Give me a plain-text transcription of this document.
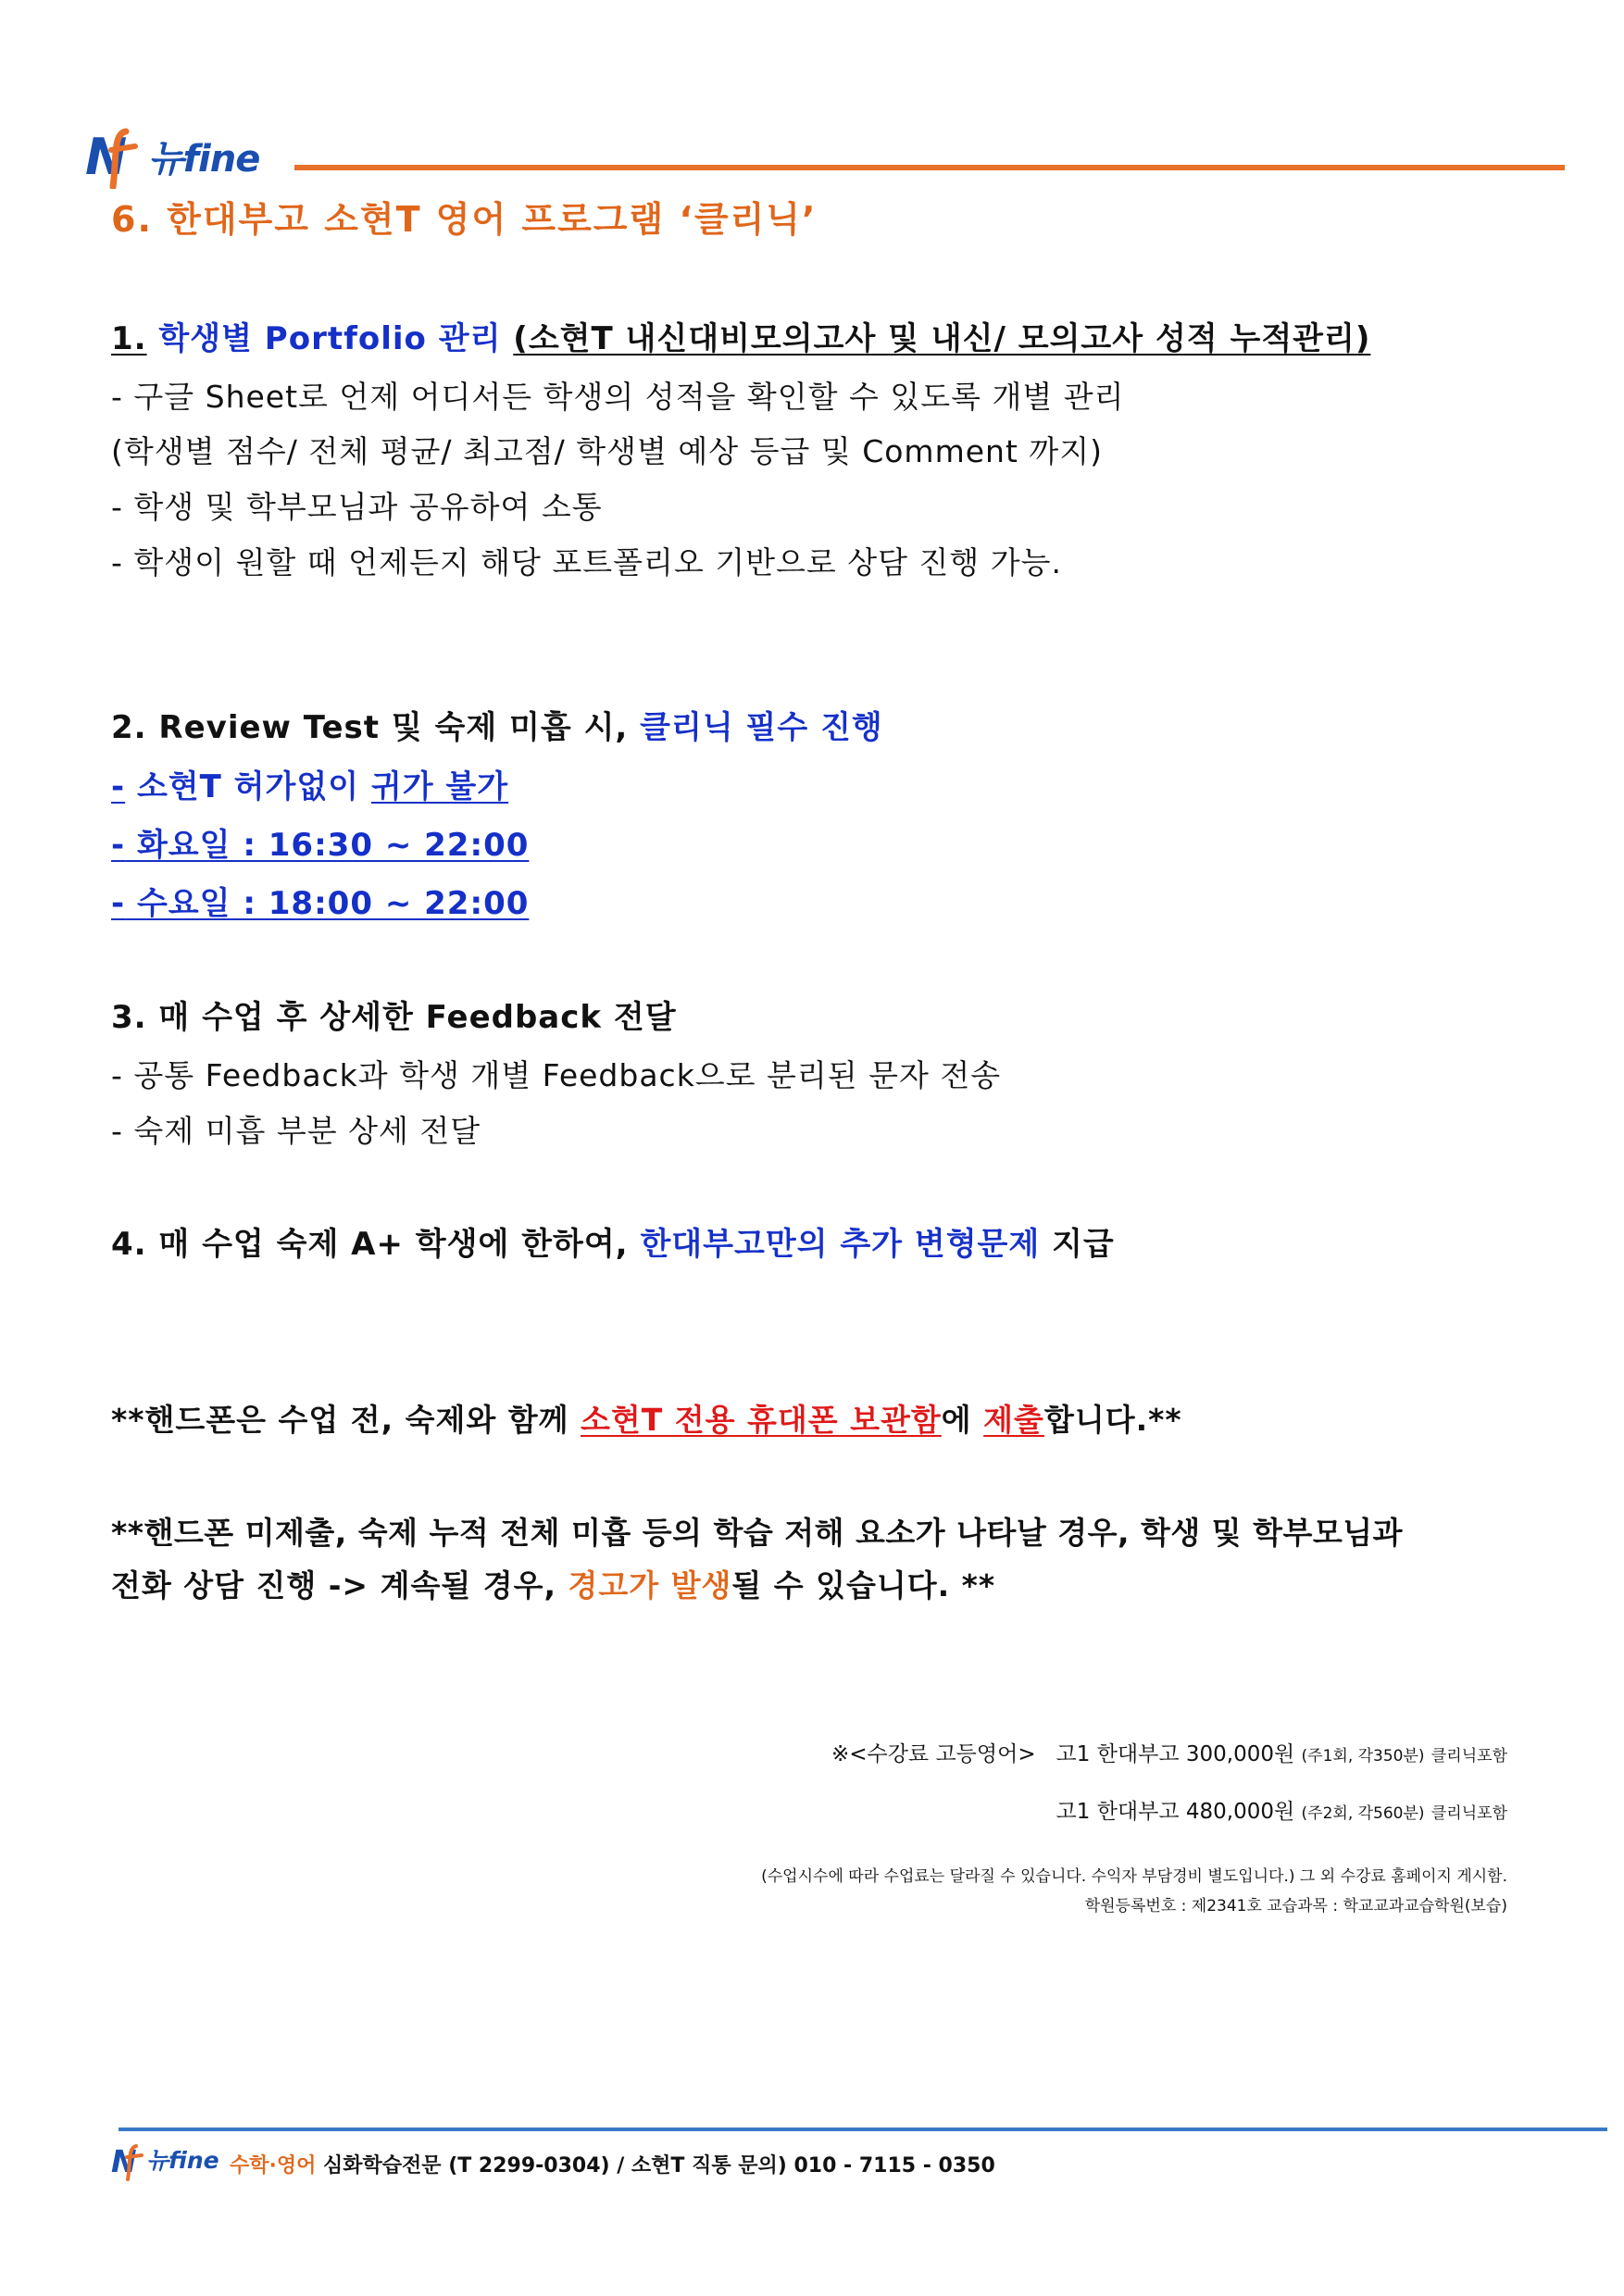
N 뉴fine
6. 한대부고 소현T 영어 프로그램 ‘클리닉’
1. 학생별 Portfolio 관리 (소현T 내신대비모의고사 및 내신/ 모의고사 성적 누적관리)
- 구글 Sheet로 언제 어디서든 학생의 성적을 확인할 수 있도록 개별 관리
(학생별 점수/ 전체 평균/ 최고점/ 학생별 예상 등급 및 Comment 까지)
- 학생 및 학부모님과 공유하여 소통
- 학생이 원할 때 언제든지 해당 포트폴리오 기반으로 상담 진행 가능.
2. Review Test 및 숙제 미흡 시, 클리닉 필수 진행
- 소현T 허가없이 귀가 불가
- 화요일 : 16:30 ~ 22:00
- 수요일 : 18:00 ~ 22:00
3. 매 수업 후 상세한 Feedback 전달
- 공통 Feedback과 학생 개별 Feedback으로 분리된 문자 전송
- 숙제 미흡 부분 상세 전달
4. 매 수업 숙제 A+ 학생에 한하여, 한대부고만의 추가 변형문제 지급
**핸드폰은 수업 전, 숙제와 함께 소현T 전용 휴대폰 보관함에 제출합니다.**
**핸드폰 미제출, 숙제 누적 전체 미흡 등의 학습 저해 요소가 나타날 경우, 학생 및 학부모님과
전화 상담 진행 -> 계속될 경우, 경고가 발생될 수 있습니다. **
※<수강료 고등영어> 고1 한대부고 300,000원 (주1회, 각350분) 클리닉포함
고1 한대부고 480,000원 (주2회, 각560분) 클리닉포함
(수업시수에 따라 수업료는 달라질 수 있습니다. 수익자 부담경비 별도입니다.) 그 외 수강료 홈페이지 게시함.
학원등록번호 : 제2341호 교습과목 : 학교교과교습학원(보습)
N 뉴fine 수학·영어 심화학습전문 (T 2299-0304) / 소현T 직통 문의) 010 - 7115 - 0350
